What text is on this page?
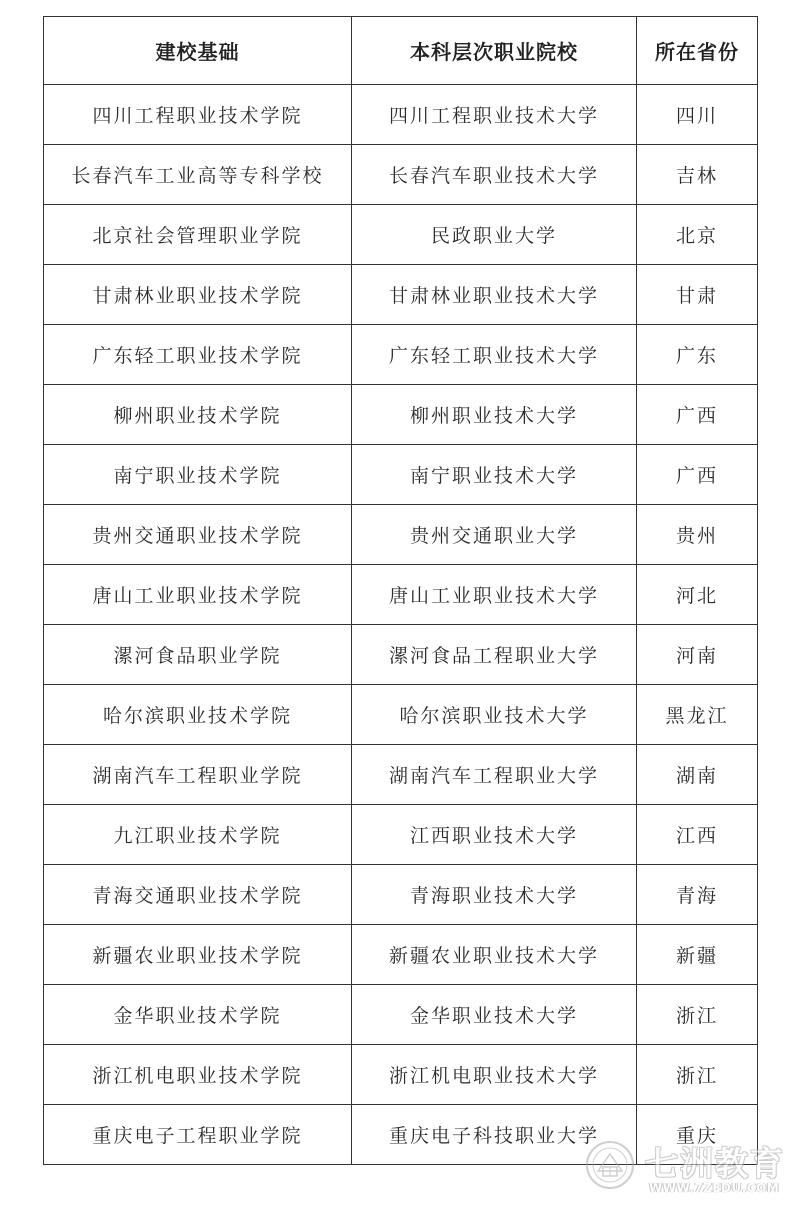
建校基础	本科层次职业院校	所在省份
四川工程职业技术学院	四川工程职业技术大学	四川
长春汽车工业高等专科学校	长春汽车职业技术大学	吉林
北京社会管理职业学院	民政职业大学	北京
甘肃林业职业技术学院	甘肃林业职业技术大学	甘肃
广东轻工职业技术学院	广东轻工职业技术大学	广东
柳州职业技术学院	柳州职业技术大学	广西
南宁职业技术学院	南宁职业技术大学	广西
贵州交通职业技术学院	贵州交通职业大学	贵州
唐山工业职业技术学院	唐山工业职业技术大学	河北
漯河食品职业学院	漯河食品工程职业大学	河南
哈尔滨职业技术学院	哈尔滨职业技术大学	黑龙江
湖南汽车工程职业学院	湖南汽车工程职业大学	湖南
九江职业技术学院	江西职业技术大学	江西
青海交通职业技术学院	青海职业技术大学	青海
新疆农业职业技术学院	新疆农业职业技术大学	新疆
金华职业技术学院	金华职业技术大学	浙江
浙江机电职业技术学院	浙江机电职业技术大学	浙江
重庆电子工程职业学院	重庆电子科技职业大学	重庆
七洲教育
WWW.7ZEDU.COM
